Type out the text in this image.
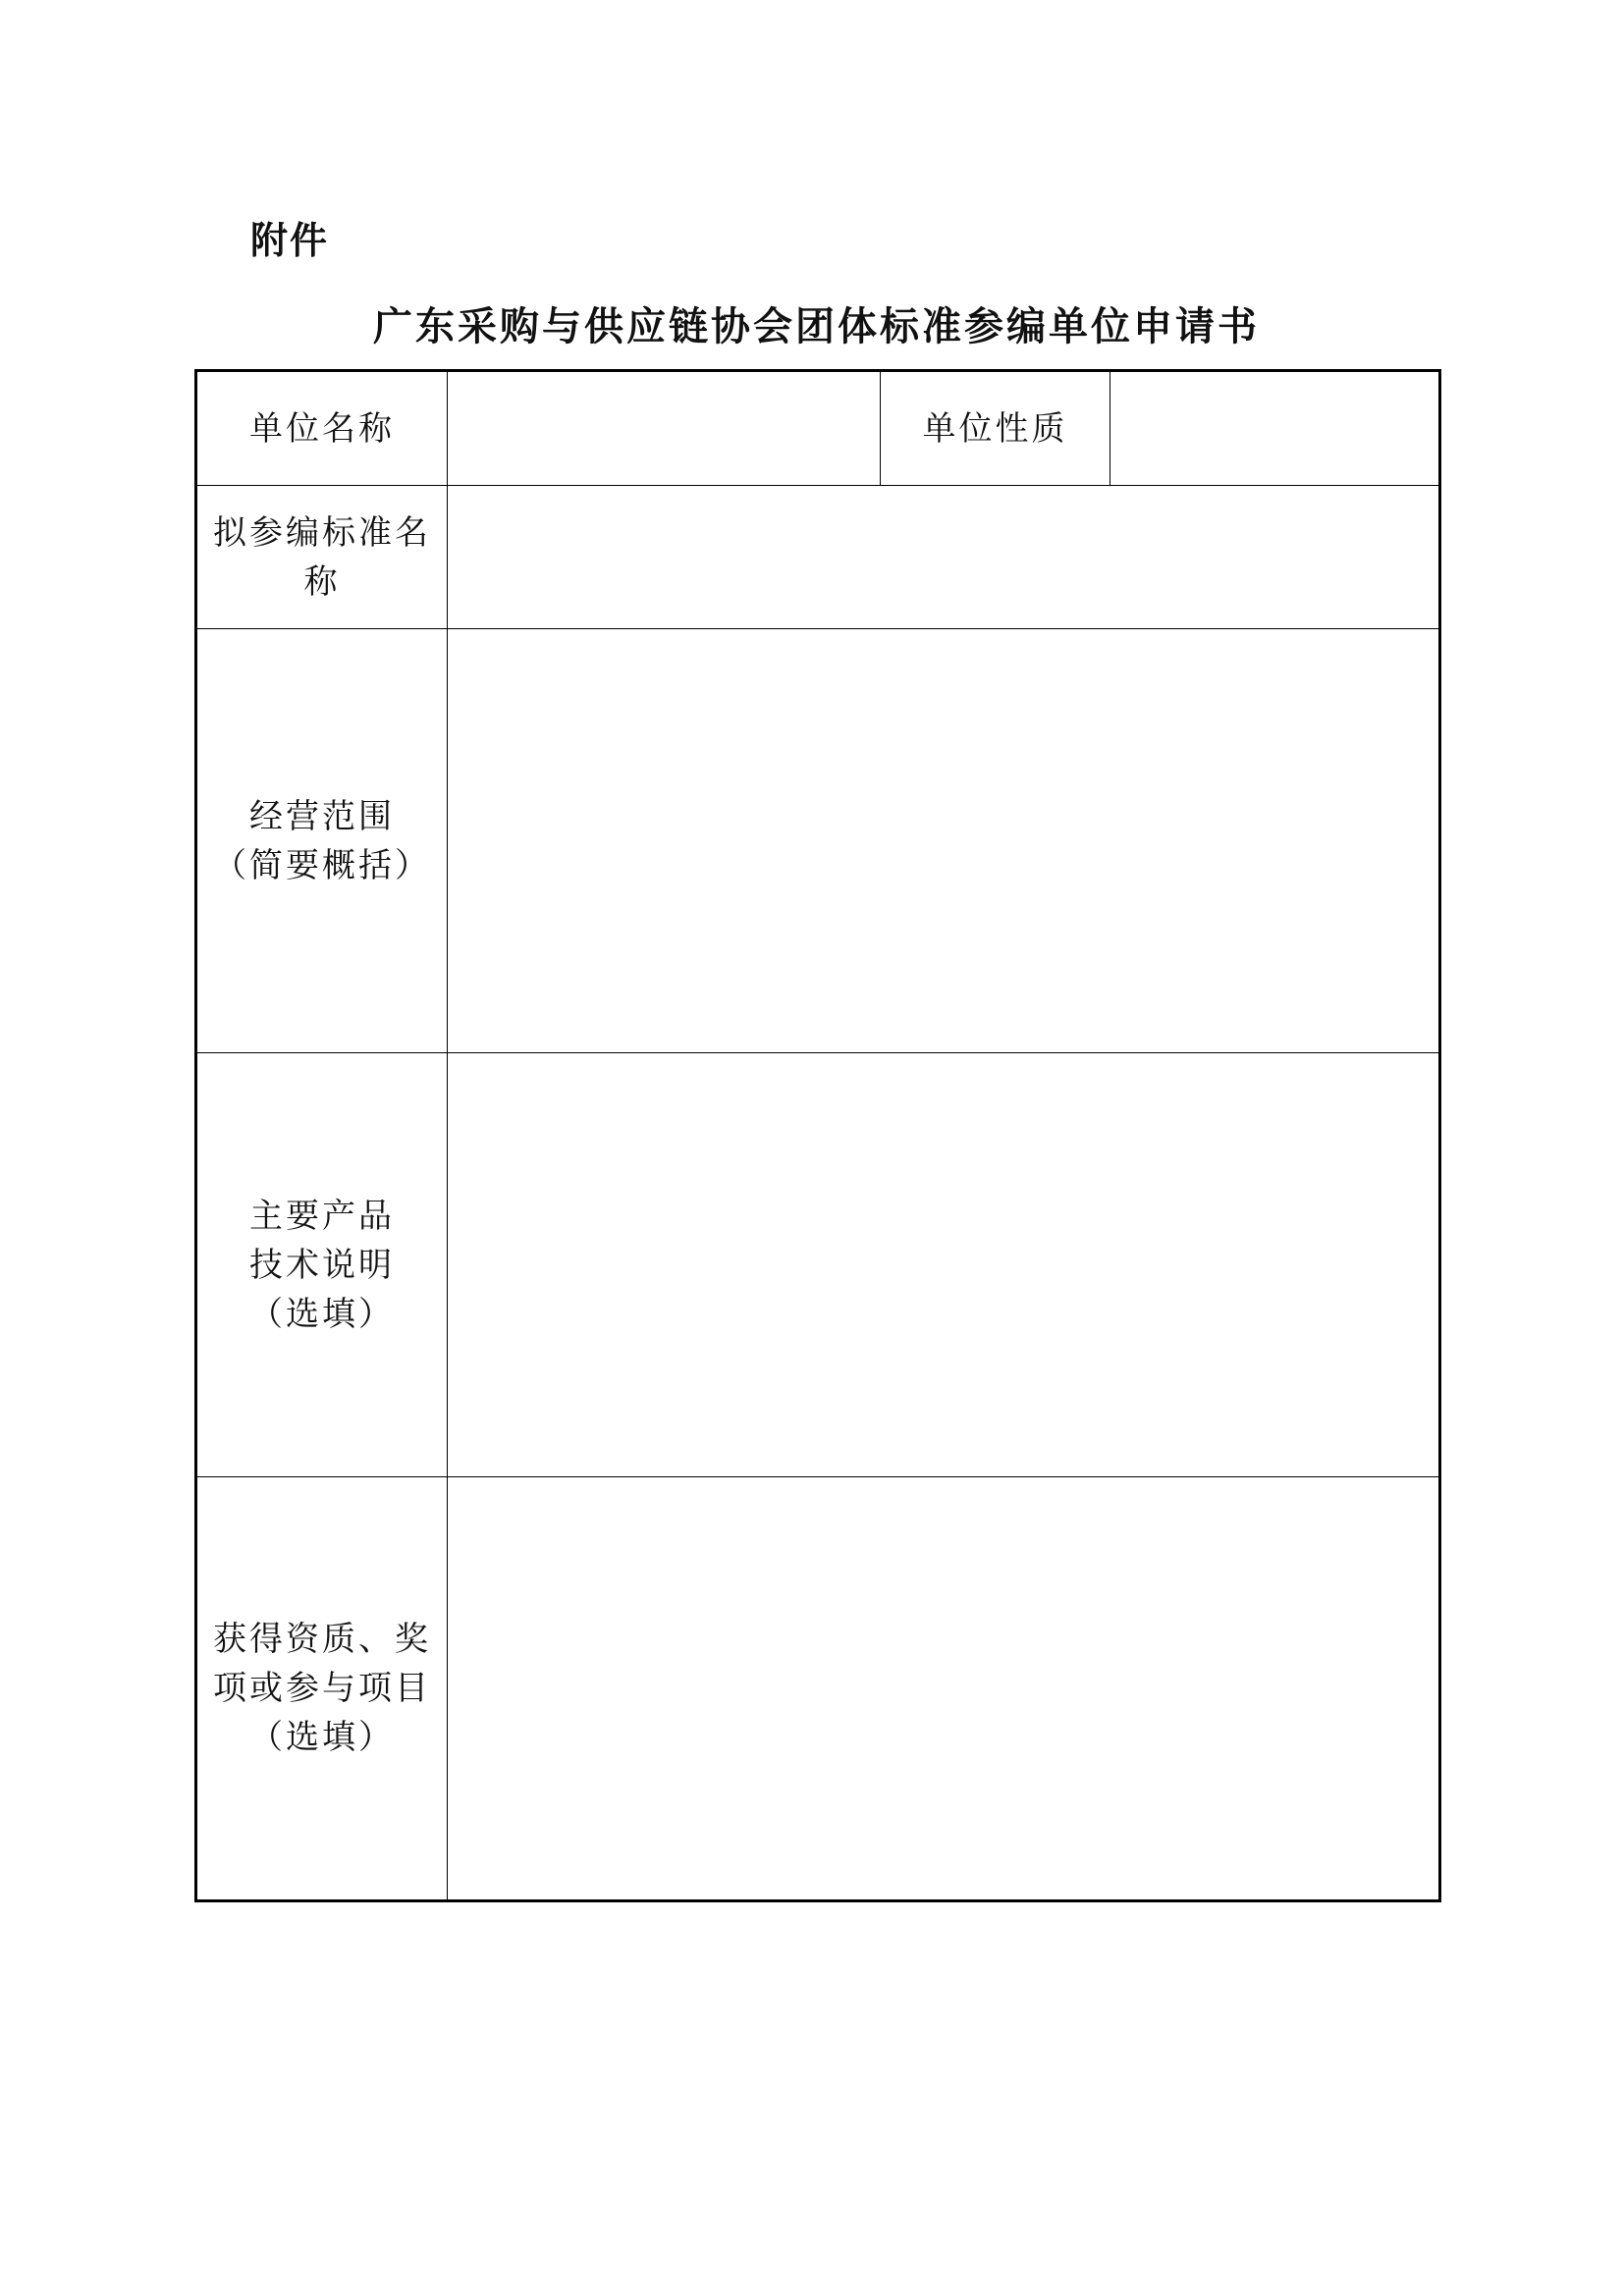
附件
广东采购与供应链协会团体标准参编单位申请书
单位名称		单位性质	

拟参编标准名
称			

经营范围
（简要概括）			

主要产品
技术说明
（选填）			

获得资质、奖
项或参与项目
（选填）			
